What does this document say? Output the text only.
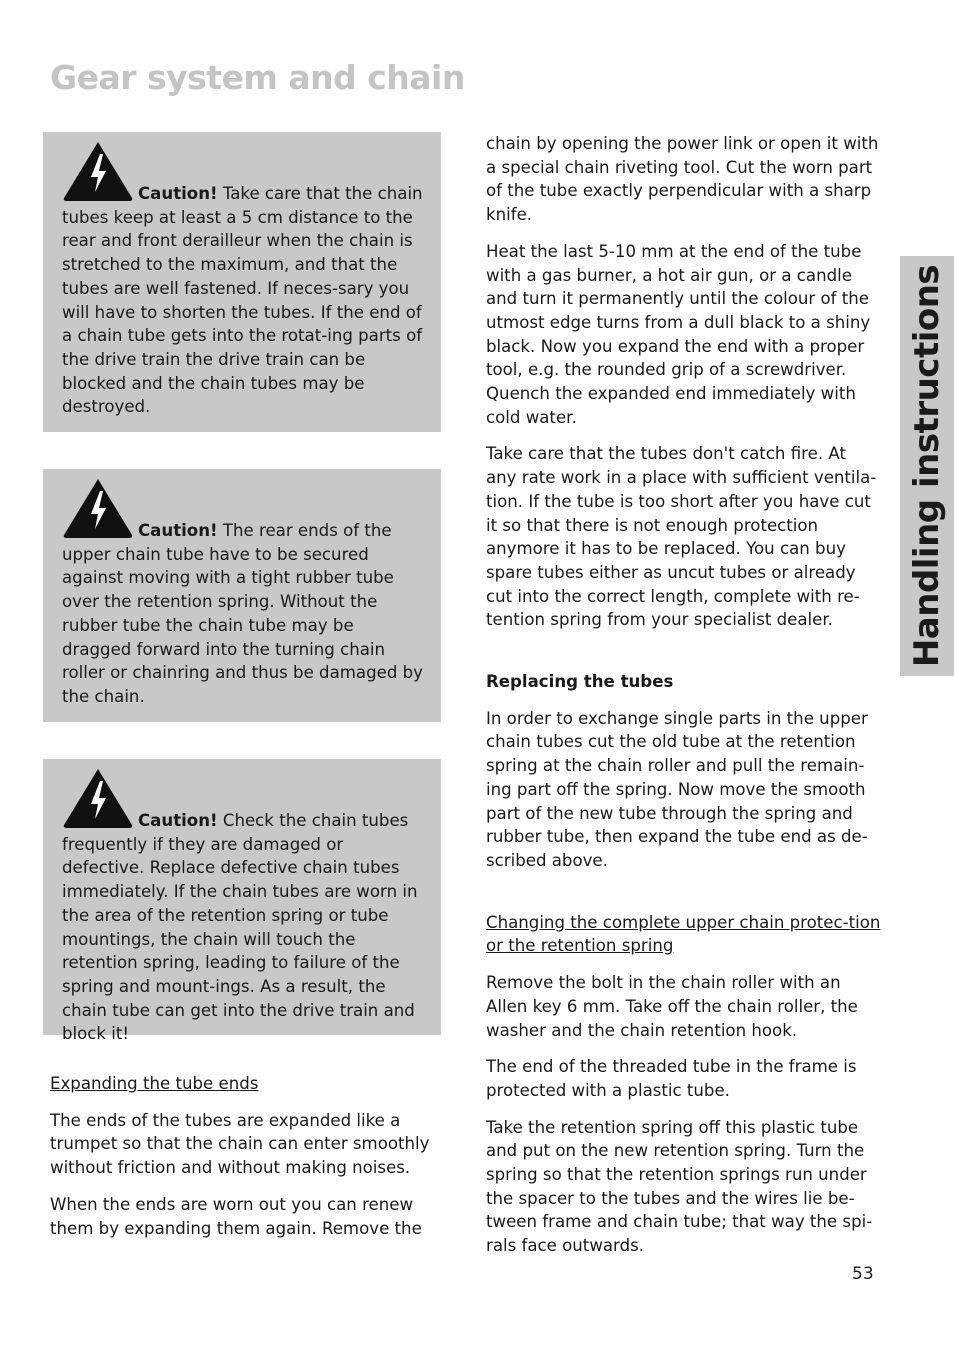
Gear system and chain
Handling instructions
Caution! Take care that the chain tubes keep at least a 5 cm distance to the rear and front derailleur when the chain is stretched to the maximum, and that the tubes are well fastened. If neces-sary you will have to shorten the tubes. If the end of a chain tube gets into the rotat-ing parts of the drive train the drive train can be blocked and the chain tubes may be destroyed.
Caution! The rear ends of the upper chain tube have to be secured against moving with a tight rubber tube over the retention spring. Without the rubber tube the chain tube may be dragged forward into the turning chain roller or chainring and thus be damaged by the chain.
Caution! Check the chain tubes frequently if they are damaged or defective. Replace defective chain tubes immediately. If the chain tubes are worn in the area of the retention spring or tube mountings, the chain will touch the retention spring, leading to failure of the spring and mount-ings. As a result, the chain tube can get into the drive train and block it!
Expanding the tube ends

The ends of the tubes are expanded like a trumpet so that the chain can enter smoothly without friction and without making noises.

When the ends are worn out you can renew them by expanding them again. Remove the

chain by opening the power link or open it with a special chain riveting tool. Cut the worn part of the tube exactly perpendicular with a sharp knife.

Heat the last 5-10 mm at the end of the tube with a gas burner, a hot air gun, or a candle and turn it permanently until the colour of the utmost edge turns from a dull black to a shiny black. Now you expand the end with a proper tool, e.g. the rounded grip of a screwdriver. Quench the expanded end immediately with cold water.

Take care that the tubes don't catch fire. At any rate work in a place with sufficient ventila-tion. If the tube is too short after you have cut it so that there is not enough protection anymore it has to be replaced. You can buy spare tubes either as uncut tubes or already cut into the correct length, complete with re-tention spring from your specialist dealer.

Replacing the tubes

In order to exchange single parts in the upper chain tubes cut the old tube at the retention spring at the chain roller and pull the remain-ing part off the spring. Now move the smooth part of the new tube through the spring and rubber tube, then expand the tube end as de-scribed above.

Changing the complete upper chain protec-tion or the retention spring

Remove the bolt in the chain roller with an Allen key 6 mm. Take off the chain roller, the washer and the chain retention hook.

The end of the threaded tube in the frame is protected with a plastic tube.

Take the retention spring off this plastic tube and put on the new retention spring. Turn the spring so that the retention springs run under the spacer to the tubes and the wires lie be-tween frame and chain tube; that way the spi-rals face outwards.

53
